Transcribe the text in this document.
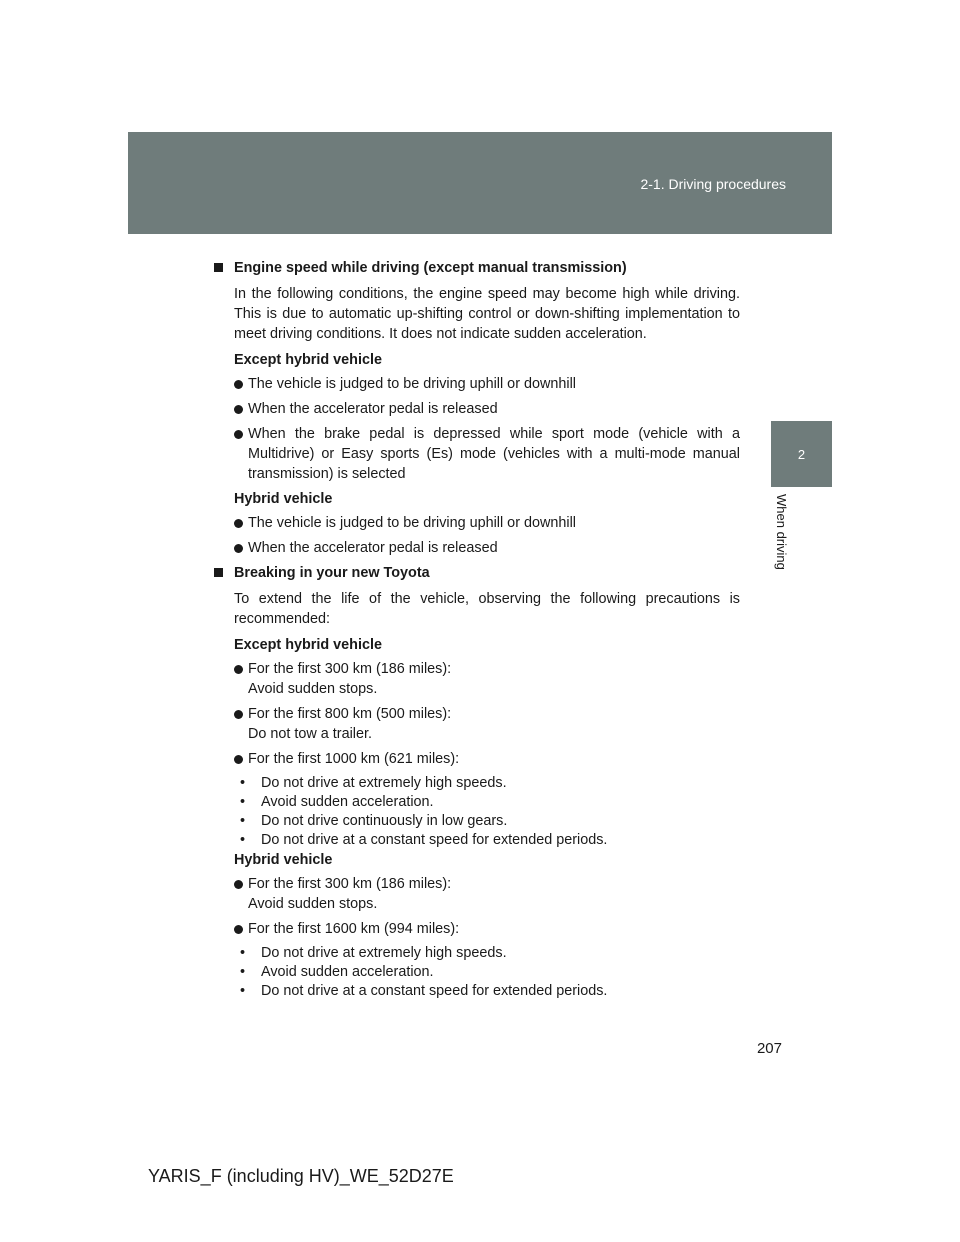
2-1. Driving procedures
2
When driving
Engine speed while driving (except manual transmission)

In the following conditions, the engine speed may become high while driving. This is due to automatic up-shifting control or down-shifting implementation to meet driving conditions. It does not indicate sudden acceleration.

Except hybrid vehicle
The vehicle is judged to be driving uphill or downhill
When the accelerator pedal is released
When the brake pedal is depressed while sport mode (vehicle with a Multidrive) or Easy sports (Es) mode (vehicles with a multi-mode manual transmission) is selected
Hybrid vehicle
The vehicle is judged to be driving uphill or downhill
When the accelerator pedal is released
Breaking in your new Toyota

To extend the life of the vehicle, observing the following precautions is recommended:

Except hybrid vehicle
For the first 300 km (186 miles):
Avoid sudden stops.
For the first 800 km (500 miles):
Do not tow a trailer.
For the first 1000 km (621 miles):
• Do not drive at extremely high speeds.
• Avoid sudden acceleration.
• Do not drive continuously in low gears.
• Do not drive at a constant speed for extended periods.
Hybrid vehicle
For the first 300 km (186 miles):
Avoid sudden stops.
For the first 1600 km (994 miles):
• Do not drive at extremely high speeds.
• Avoid sudden acceleration.
• Do not drive at a constant speed for extended periods.
207
YARIS_F (including HV)_WE_52D27E
